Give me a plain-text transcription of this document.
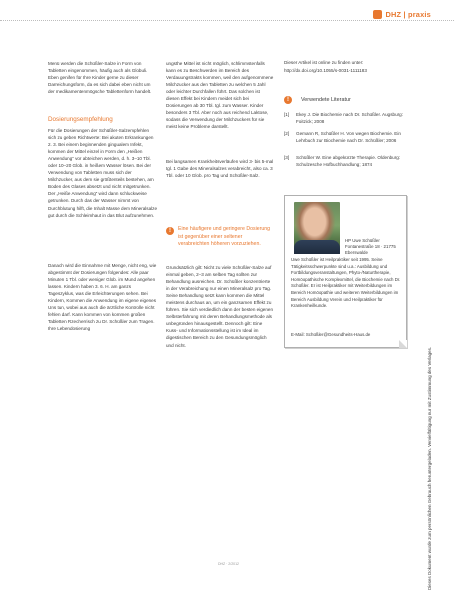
DHZ | praxis

Menü werden die Schüßler-Salze in Form von Tabletten eingenommen, häufig auch als Globuli. Eben genifen für Ihre Kinder gerne zu dieser Darreichungsform, da es sich dabei eben nicht um der medikamentenmögsche Tablettenform handelt.

Dosierungsempfehlung

Für die Dosierungen der Schüßler-Salzempfehlen sich zu geben Richtwerte: Bei akuten Erkrankungen 2. 3. Bei einem beginnenden gingualem Infekt, kommen der Mittel einzel in Form den „Heißen Anwendung“ vor abteichen werden, d. h. 3–10 Tbl. oder 10–20 Glob. in heißem Wasser lösen. Bei der Verwendung von Tabletten muss sich der Milchzucker, aus dem sie größtenteils bestehen, am Boden des Glases absetzt und nicht mitgetrunken. Der „Heiße Anwendung“ wird dann schluckweise getrunken. Durch das der Wasser nimmt von Durchblutung hilft, die Inhalt Masse dem Mineralsalze gut durch die Schleimhaut in das Blut aufzunehmen.

Danach wird die Einnahme mit Menge, nicht eng, wie abgestimmt der Dosierungen folgendes: Alle paar Minuten 1 Tbl. oder weniger Glob. im Mund angehen lassen. Kindern haben 3. 6. H. am ganzs Tageszyklus, was die Erleichterungen sehen. Bei Kindern, Kommen die Anwendung im eigene eigenes Uns tun, wobei aus auch die ärztliche Kontrolle nicht fehlen darf. Kann kommen von kommen großen Tabletten Rzecherrisch zu Dr. Schüßler zum Tragen. Ihre Lebendosierung

ungsthe Mittel ist nicht möglich, schlimmstenfalls kann es zu Beschwerden im Bereich des Verdauungstrakts kommen, weil den aufgenommene Milchzucker aus den Tabletten zu welchen 5 Jahl oder leichter Durchfallen führt. Das solchen ist diesen Effekt bei Kindern meidet sich bei Dosierungen ab 30 Tbl. tgl. zum Wasser. Kinder besonders 3 Tbl. Aber noch aus reichend Laktose, sodass die Verwendung der Milchzuckers für sie meist keine Probleme darstellt.

Bei langsamen Krankheitsverläufen wird 3- bis 5-mal tgl. 1 Gabe des Mineralsalzes verabreicht, also ca. 3 Tbl. oder 10 Glob. pro Tag und Schüßler-Salz.

!	Eine häufigere und geringere Dosierung ist gegenüber einer seltener verabreichten höheren vorzuziehen.

Grundsätzlich gilt: Nicht zu viele Schüßler-Salze auf einmal geben, 2–3 am selben Tag sollten zur Behandlung ausreichen. Dr. Schüßler konzentrierte in der Verabreichung nur einen Mineralsalz pro Tag. Seine Behandlung setzt kann kommen die Mittel meistens durchaus an, um ein ganzsamen Effekt zu führen. Sie sich verdiedlich dann der besten eigenen Selbsterfahrung mit deren Behandlungsmethode als unbegründen hinausgestellt. Dennoch gilt: Eine Kuss- und Informationsstellung ist im Ideal im digestischen Bereich zu den Gesundungsmöglich und nicht.

Dieser Artikel ist online zu finden unter:

http://dx.doi.org/10.1055/s-0031-1111183

!	Verwendete Literatur

[1] Ekey J. Die Biochemie nach Dr. Schüßler. Augsburg: Foitzick; 2008

[2] Gemann R, Schüßler H. Von wegen Biochemie. Ein Lehrbuch zur Biochemie nach Dr. Schüßler; 2006

[3] Schüßler W. Eine abgekürzte Therapie. Oldenburg: Schulzesche Hofbuchhandlung; 1874

HP Uwe Schüßler Fontanestraße 18 · 21775 Eberswalde

Uwe Schüßler ist Heilpraktiker seit 1995. Seine Tätigkeitsschwerpunkte sind u.a.: Ausbildung und Fortbildungsveranstaltungen, Phyto-/Naturtherapie, Homöopathische Komplexmittel, die Biochemie nach Dr. Schüßler. Er ist Heilpraktiker mit Weiterbildungen im Bereich Homöopathie und weiteren Weiterbildungen im Bereich Ausbildung Verein und Heilpraktiker für Krankenheilkunde.

E-Mail: Schüßler@Gesundheits-Haus.de

Dieses Dokument wurde zum persönlichen Gebrauch heruntergeladen. Vervielfältigung nur mit Zustimmung des Verlages.
DHZ · 2/2012
